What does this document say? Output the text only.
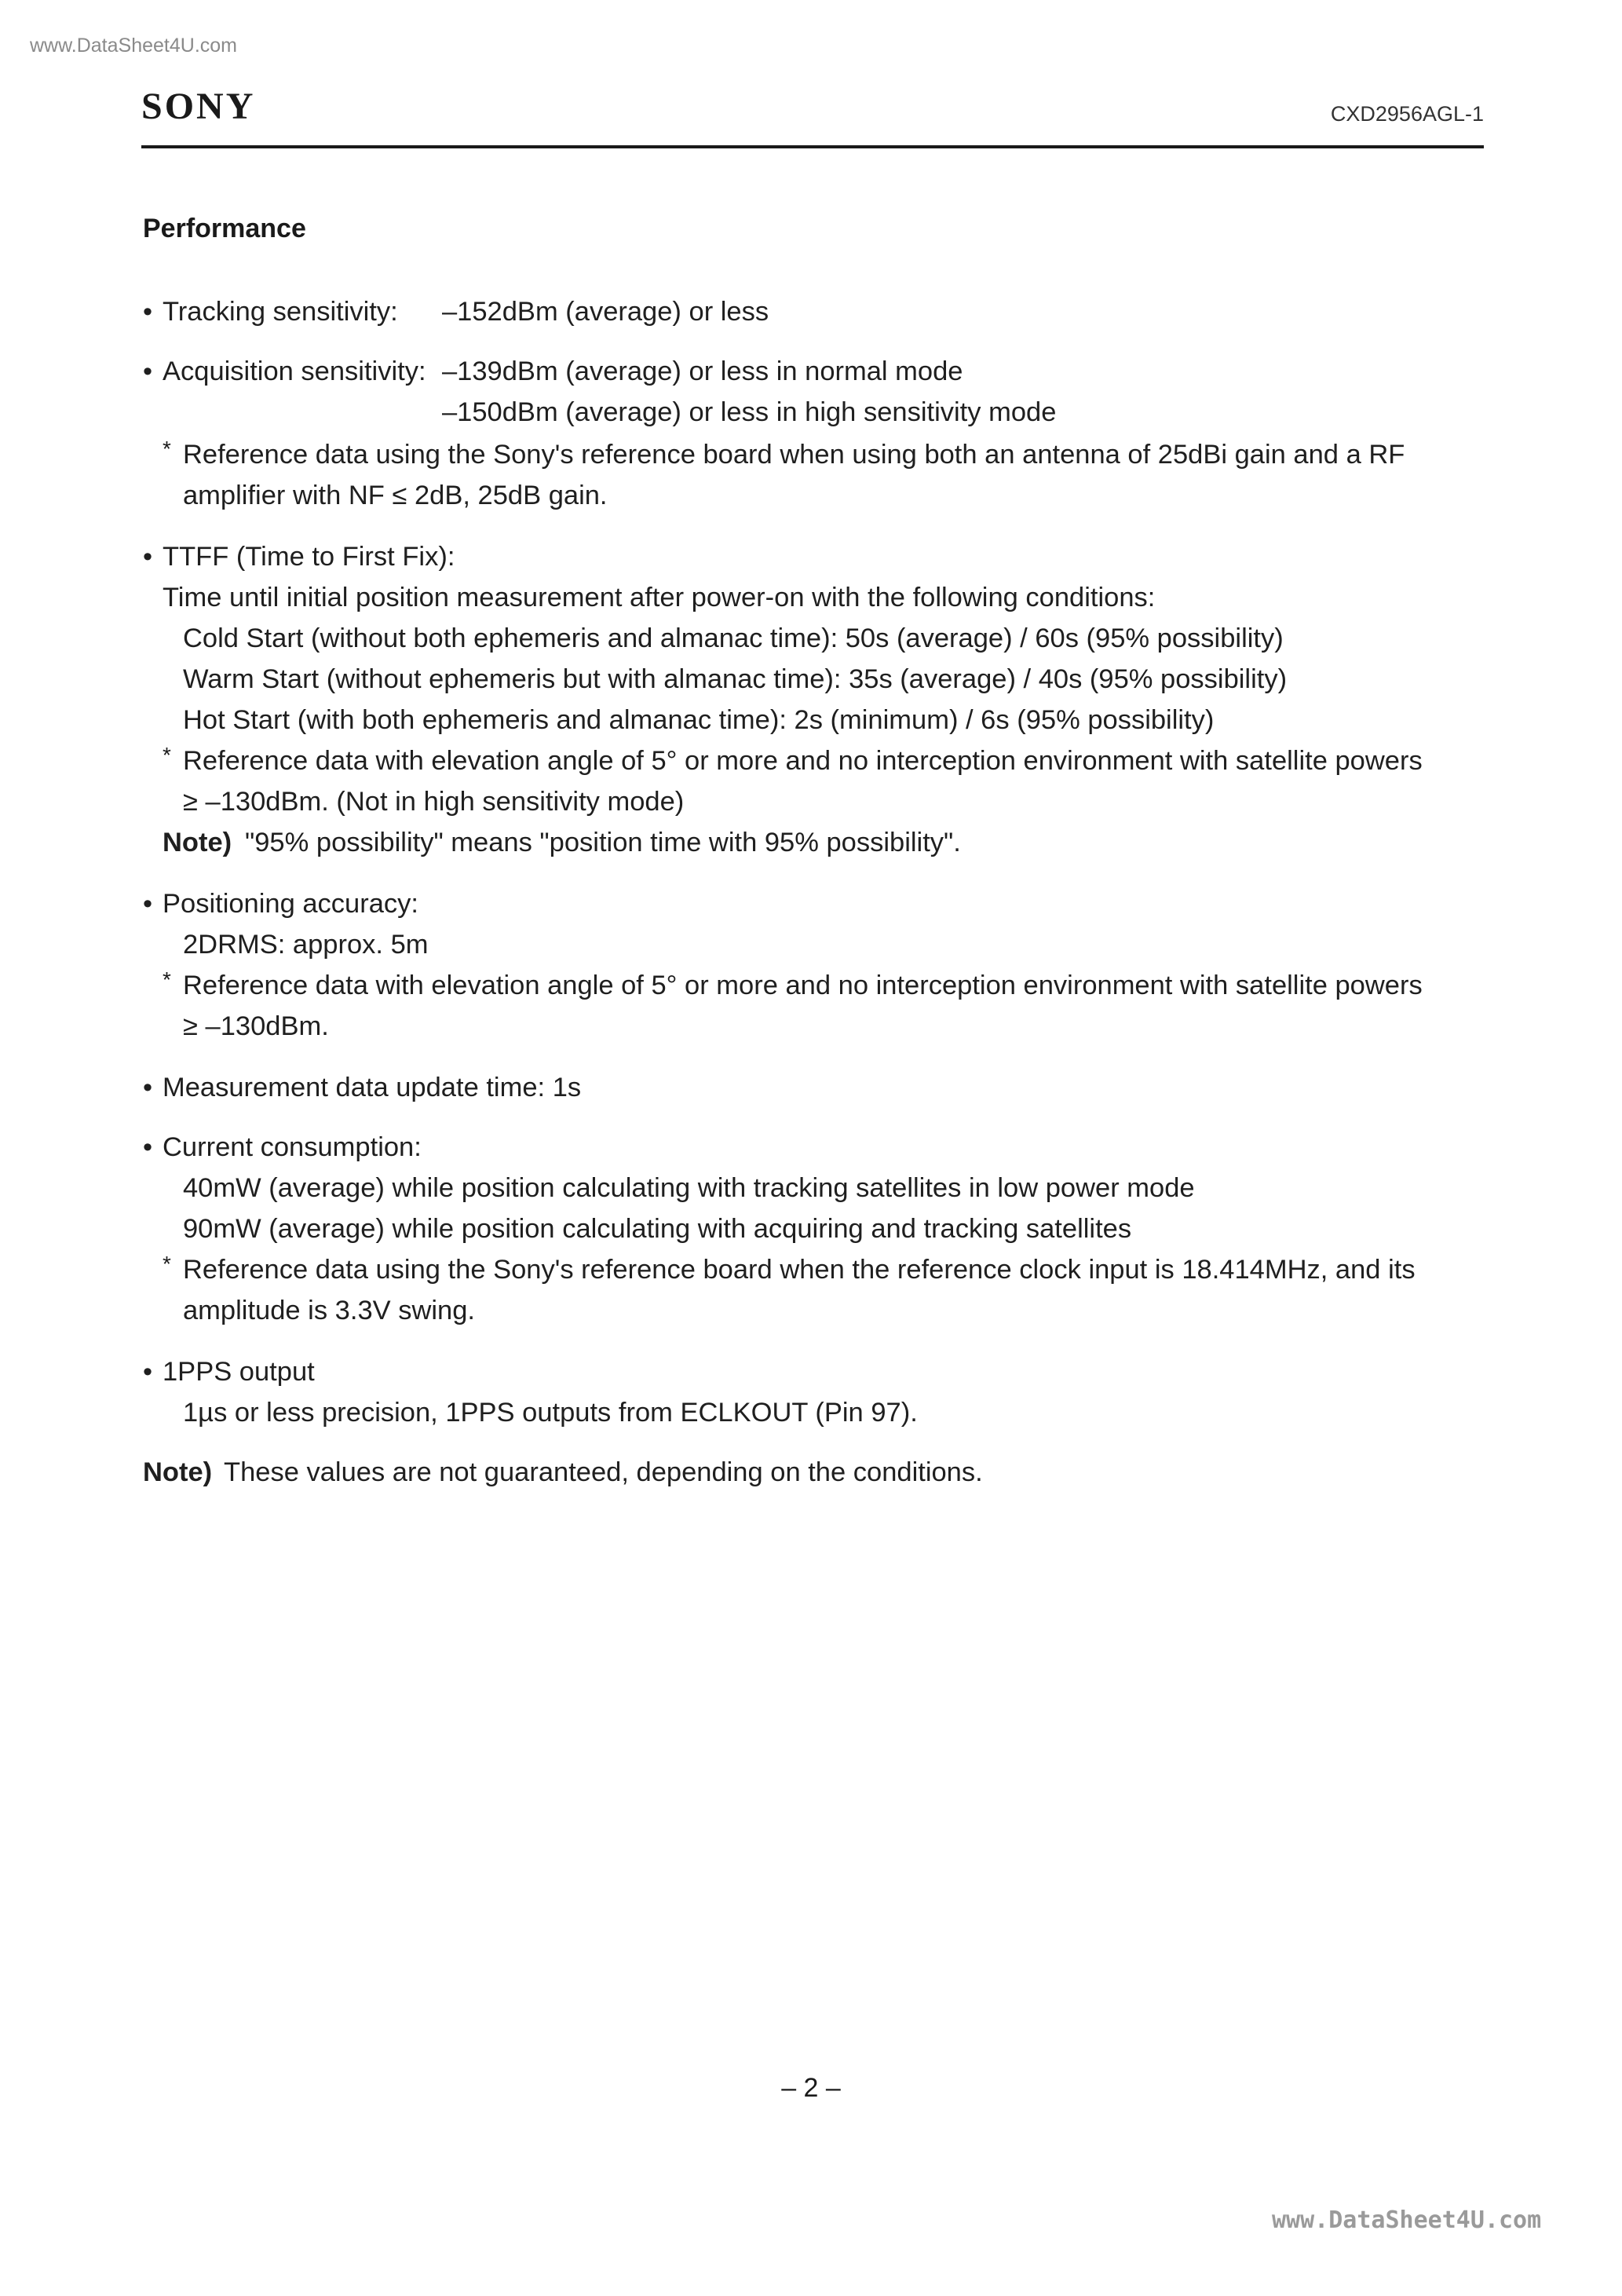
www.DataSheet4U.com
SONY	CXD2956AGL-1
Performance
• Tracking sensitivity: –152dBm (average) or less
• Acquisition sensitivity: –139dBm (average) or less in normal mode
–150dBm (average) or less in high sensitivity mode
* Reference data using the Sony's reference board when using both an antenna of 25dBi gain and a RF
amplifier with NF ≤ 2dB, 25dB gain.
• TTFF (Time to First Fix):
Time until initial position measurement after power-on with the following conditions:
Cold Start (without both ephemeris and almanac time): 50s (average) / 60s (95% possibility)
Warm Start (without ephemeris but with almanac time): 35s (average) / 40s (95% possibility)
Hot Start (with both ephemeris and almanac time): 2s (minimum) / 6s (95% possibility)
* Reference data with elevation angle of 5° or more and no interception environment with satellite powers
≥ –130dBm. (Not in high sensitivity mode)
Note) "95% possibility" means "position time with 95% possibility".
• Positioning accuracy:
2DRMS: approx. 5m
* Reference data with elevation angle of 5° or more and no interception environment with satellite powers
≥ –130dBm.
• Measurement data update time: 1s
• Current consumption:
40mW (average) while position calculating with tracking satellites in low power mode
90mW (average) while position calculating with acquiring and tracking satellites
* Reference data using the Sony's reference board when the reference clock input is 18.414MHz, and its
amplitude is 3.3V swing.
• 1PPS output
1µs or less precision, 1PPS outputs from ECLKOUT (Pin 97).
Note) These values are not guaranteed, depending on the conditions.
– 2 –
www.DataSheet4U.com
